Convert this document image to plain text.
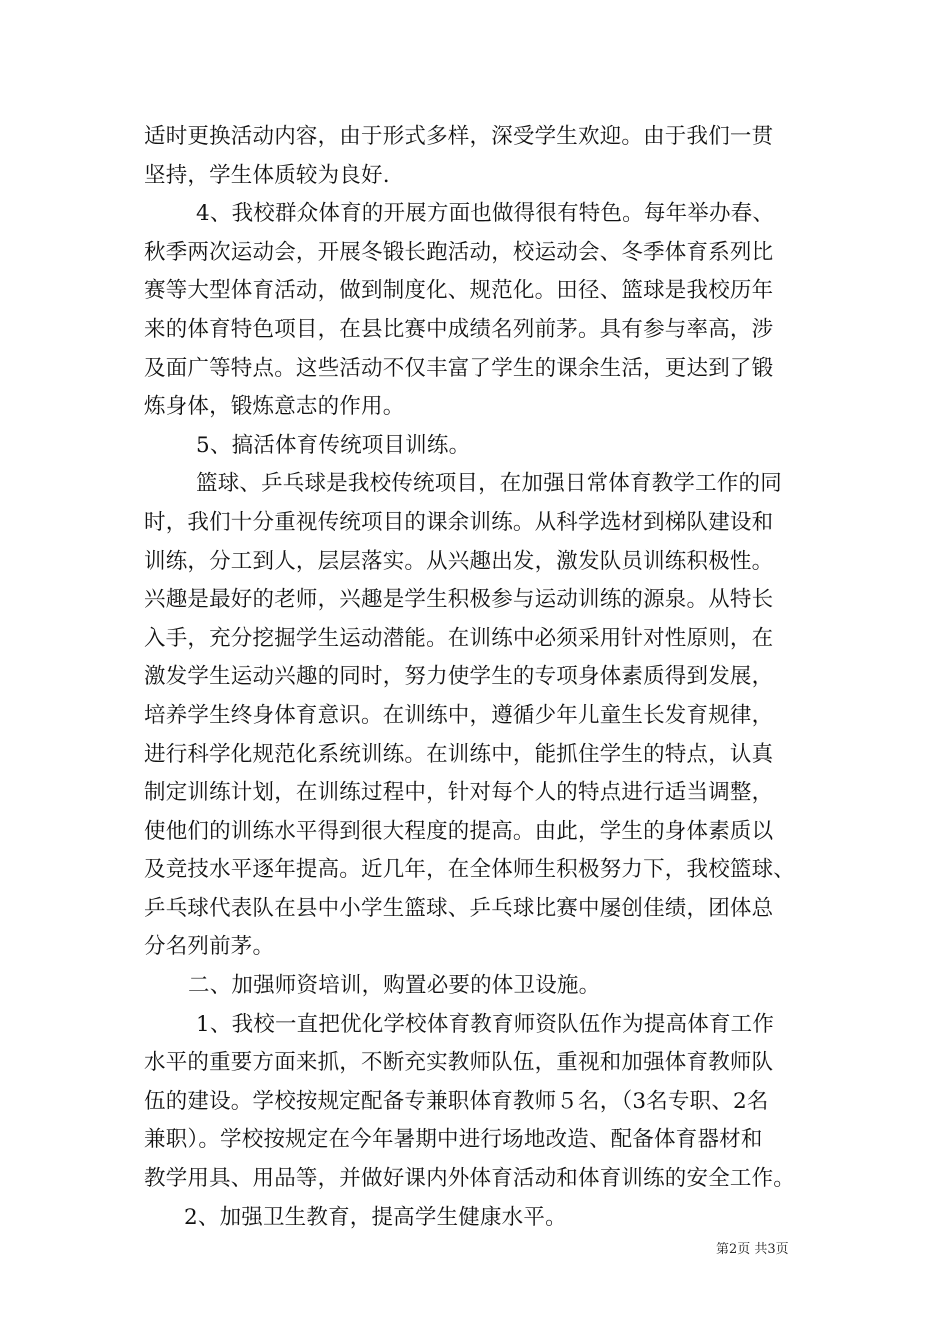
适时更换活动内容，由于形式多样，深受学生欢迎。由于我们一贯
坚持，学生体质较为良好.
4、我校群众体育的开展方面也做得很有特色。每年举办春、
秋季两次运动会，开展冬锻长跑活动，校运动会、冬季体育系列比
赛等大型体育活动，做到制度化、规范化。田径、篮球是我校历年
来的体育特色项目，在县比赛中成绩名列前茅。具有参与率高，涉
及面广等特点。这些活动不仅丰富了学生的课余生活，更达到了锻
炼身体，锻炼意志的作用。
5、搞活体育传统项目训练。
篮球、乒乓球是我校传统项目，在加强日常体育教学工作的同
时，我们十分重视传统项目的课余训练。从科学选材到梯队建设和
训练，分工到人，层层落实。从兴趣出发，激发队员训练积极性。
兴趣是最好的老师，兴趣是学生积极参与运动训练的源泉。从特长
入手，充分挖掘学生运动潜能。在训练中必须采用针对性原则，在
激发学生运动兴趣的同时，努力使学生的专项身体素质得到发展，
培养学生终身体育意识。在训练中，遵循少年儿童生长发育规律，
进行科学化规范化系统训练。在训练中，能抓住学生的特点，认真
制定训练计划，在训练过程中，针对每个人的特点进行适当调整，
使他们的训练水平得到很大程度的提高。由此，学生的身体素质以
及竞技水平逐年提高。近几年，在全体师生积极努力下，我校篮球、
乒乓球代表队在县中小学生篮球、乒乓球比赛中屡创佳绩，团体总
分名列前茅。
二、加强师资培训，购置必要的体卫设施。
1、我校一直把优化学校体育教育师资队伍作为提高体育工作
水平的重要方面来抓，不断充实教师队伍，重视和加强体育教师队
伍的建设。学校按规定配备专兼职体育教师５名，（3名专职、2名
兼职）。学校按规定在今年暑期中进行场地改造、配备体育器材和
教学用具、用品等，并做好课内外体育活动和体育训练的安全工作。
2、加强卫生教育，提高学生健康水平。
第2页 共3页
